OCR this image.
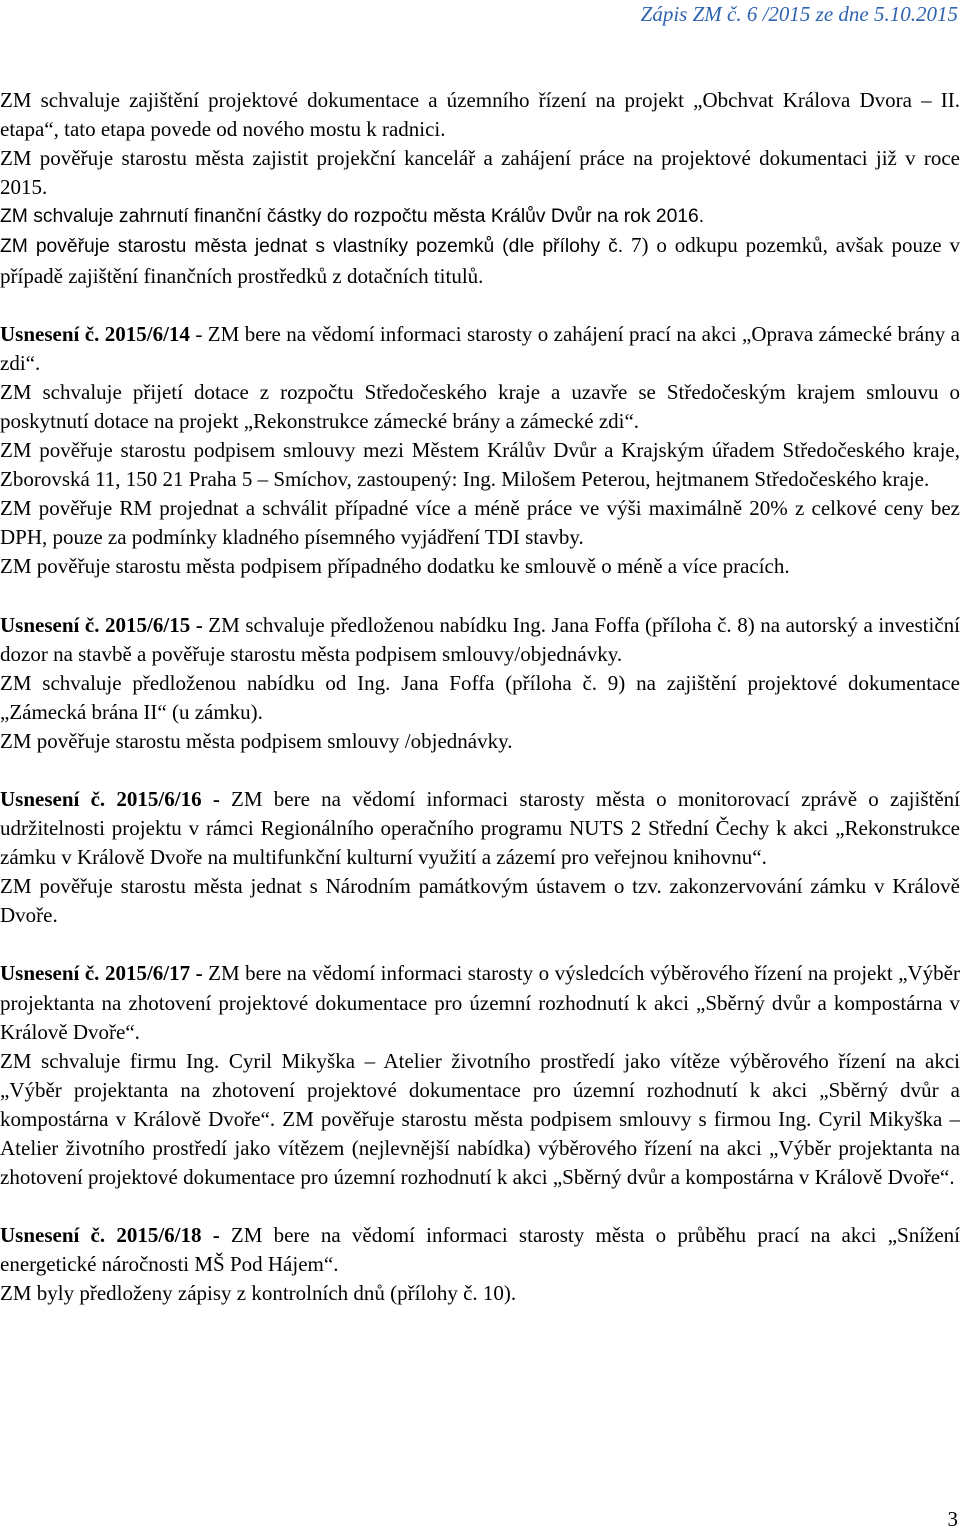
Zápis ZM č. 6 /2015 ze dne 5.10.2015

ZM schvaluje zajištění projektové dokumentace a územního řízení na projekt „Obchvat Králova Dvora – II. etapa“, tato etapa povede od nového mostu k radnici.

ZM pověřuje starostu města zajistit projekční kancelář a zahájení práce na projektové dokumentaci již v roce 2015.

ZM schvaluje zahrnutí finanční částky do rozpočtu města Králův Dvůr na rok 2016.

ZM pověřuje starostu města jednat s vlastníky pozemků (dle přílohy č. 7) o odkupu pozemků, avšak pouze v případě zajištění finančních prostředků z dotačních titulů.

Usnesení č. 2015/6/14 - ZM bere na vědomí informaci starosty o zahájení prací na akci „Oprava zámecké brány a zdi“.

ZM schvaluje přijetí dotace z rozpočtu Středočeského kraje a uzavře se Středočeským krajem smlouvu o poskytnutí dotace na projekt „Rekonstrukce zámecké brány a zámecké zdi“.

ZM pověřuje starostu podpisem smlouvy mezi Městem Králův Dvůr a Krajským úřadem Středočeského kraje, Zborovská 11, 150 21 Praha 5 – Smíchov, zastoupený: Ing. Milošem Peterou, hejtmanem Středočeského kraje.

ZM pověřuje RM projednat a schválit případné více a méně práce ve výši maximálně 20% z celkové ceny bez DPH, pouze za podmínky kladného písemného vyjádření TDI stavby.

ZM pověřuje starostu města podpisem případného dodatku ke smlouvě o méně a více pracích.

Usnesení č. 2015/6/15 - ZM schvaluje předloženou nabídku Ing. Jana Foffa (příloha č. 8) na autorský a investiční dozor na stavbě a pověřuje starostu města podpisem smlouvy/objednávky.

ZM schvaluje předloženou nabídku od Ing. Jana Foffa (příloha č. 9) na zajištění projektové dokumentace „Zámecká brána II“ (u zámku).

ZM pověřuje starostu města podpisem smlouvy /objednávky.

Usnesení č. 2015/6/16 - ZM bere na vědomí informaci starosty města o monitorovací zprávě o zajištění udržitelnosti projektu v rámci Regionálního operačního programu NUTS 2 Střední Čechy k akci „Rekonstrukce zámku v Králově Dvoře na multifunkční kulturní využití a zázemí pro veřejnou knihovnu“.

ZM pověřuje starostu města jednat s Národním památkovým ústavem o tzv. zakonzervování zámku v Králově Dvoře.

Usnesení č. 2015/6/17 - ZM bere na vědomí informaci starosty o výsledcích výběrového řízení na projekt „Výběr projektanta na zhotovení projektové dokumentace pro územní rozhodnutí k akci „Sběrný dvůr a kompostárna v Králově Dvoře“.

ZM schvaluje firmu Ing. Cyril Mikyška – Atelier životního prostředí jako vítěze výběrového řízení na akci „Výběr projektanta na zhotovení projektové dokumentace pro územní rozhodnutí k akci „Sběrný dvůr a kompostárna v Králově Dvoře“. ZM pověřuje starostu města podpisem smlouvy s firmou Ing. Cyril Mikyška – Atelier životního prostředí jako vítězem (nejlevnější nabídka) výběrového řízení na akci „Výběr projektanta na zhotovení projektové dokumentace pro územní rozhodnutí k akci „Sběrný dvůr a kompostárna v Králově Dvoře“.

Usnesení č. 2015/6/18 - ZM bere na vědomí informaci starosty města o průběhu prací na akci „Snížení energetické náročnosti MŠ Pod Hájem“.

ZM byly předloženy zápisy z kontrolních dnů (přílohy č. 10).

3
